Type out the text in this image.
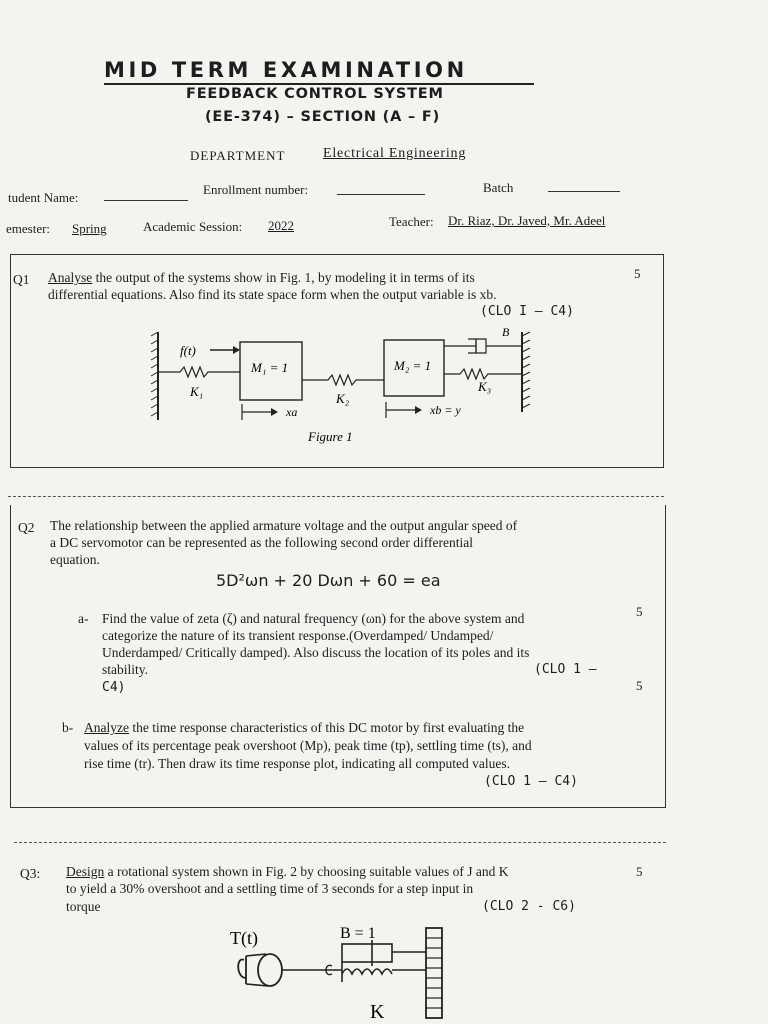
MID TERM EXAMINATION
FEEDBACK CONTROL SYSTEM
(EE-374) – SECTION (A – F)
DEPARTMENT	Electrical Engineering
tudent Name:
Enrollment number:	Batch
emester: Spring	Academic Session: 2022	Teacher: Dr. Riaz, Dr. Javed, Mr. Adeel
Q1 Analyse the output of the systems show in Fig. 1, by modeling it in terms of its
differential equations. Also find its state space form when the output variable is xb.
(CLO I – C4)
5
f(t)
K₁
M₁ = 1
K₂
M₂ = 1
B
K₃
xa	xb = y
Figure 1
Q2 The relationship between the applied armature voltage and the output angular speed of
a DC servomotor can be represented as the following second order differential
equation.
5D²ωn + 20 Dωn + 60 = ea
a- Find the value of zeta (ζ) and natural frequency (ωn) for the above system and
categorize the nature of its transient response.(Overdamped/ Undamped/
Underdamped/ Critically damped). Also discuss the location of its poles and its
stability.	(CLO 1 –
C4)
5
b- Analyze the time response characteristics of this DC motor by first evaluating the
values of its percentage peak overshoot (Mp), peak time (tp), settling time (ts), and
rise time (tr). Then draw its time response plot, indicating all computed values.
(CLO 1 – C4)
5
Q3: Design a rotational system shown in Fig. 2 by choosing suitable values of J and K
to yield a 30% overshoot and a settling time of 3 seconds for a step input in
torque	(CLO 2 - C6)
5
T(t)	B = 1
K
